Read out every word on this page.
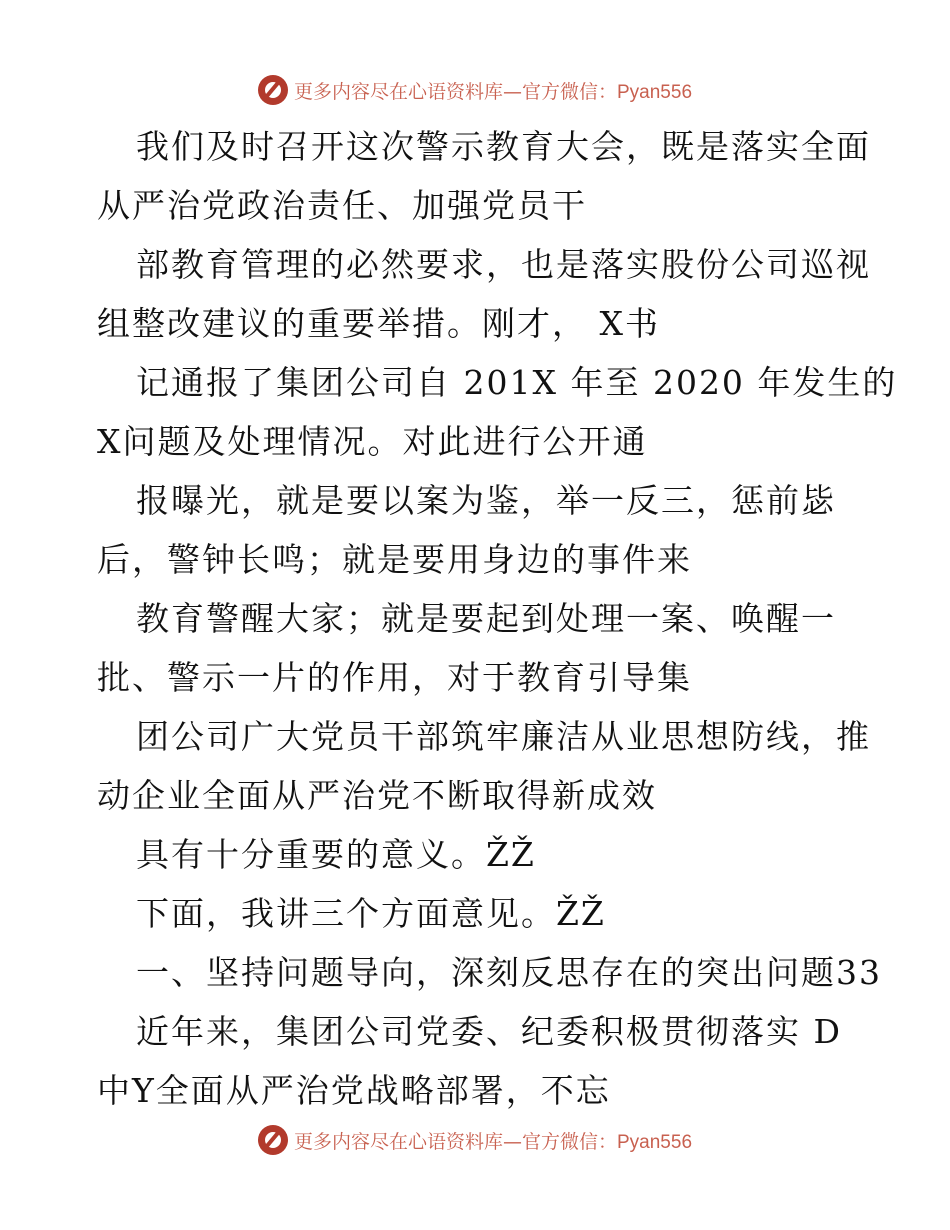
更多内容尽在心语资料库—官方微信：Pyan556
我们及时召开这次警示教育大会，既是落实全面
从严治党政治责任、加强党员干
部教育管理的必然要求，也是落实股份公司巡视
组整改建议的重要举措。刚才， X书
记通报了集团公司自 201X 年至 2020 年发生的
X问题及处理情况。对此进行公开通
报曝光，就是要以案为鉴，举一反三，惩前毖
后，警钟长鸣；就是要用身边的事件来
教育警醒大家；就是要起到处理一案、唤醒一
批、警示一片的作用，对于教育引导集
团公司广大党员干部筑牢廉洁从业思想防线，推
动企业全面从严治党不断取得新成效
具有十分重要的意义。ŽŽ
下面，我讲三个方面意见。ŽŽ
一、坚持问题导向，深刻反思存在的突出问题33
近年来，集团公司党委、纪委积极贯彻落实 D
中Y全面从严治党战略部署，不忘
更多内容尽在心语资料库—官方微信：Pyan556
